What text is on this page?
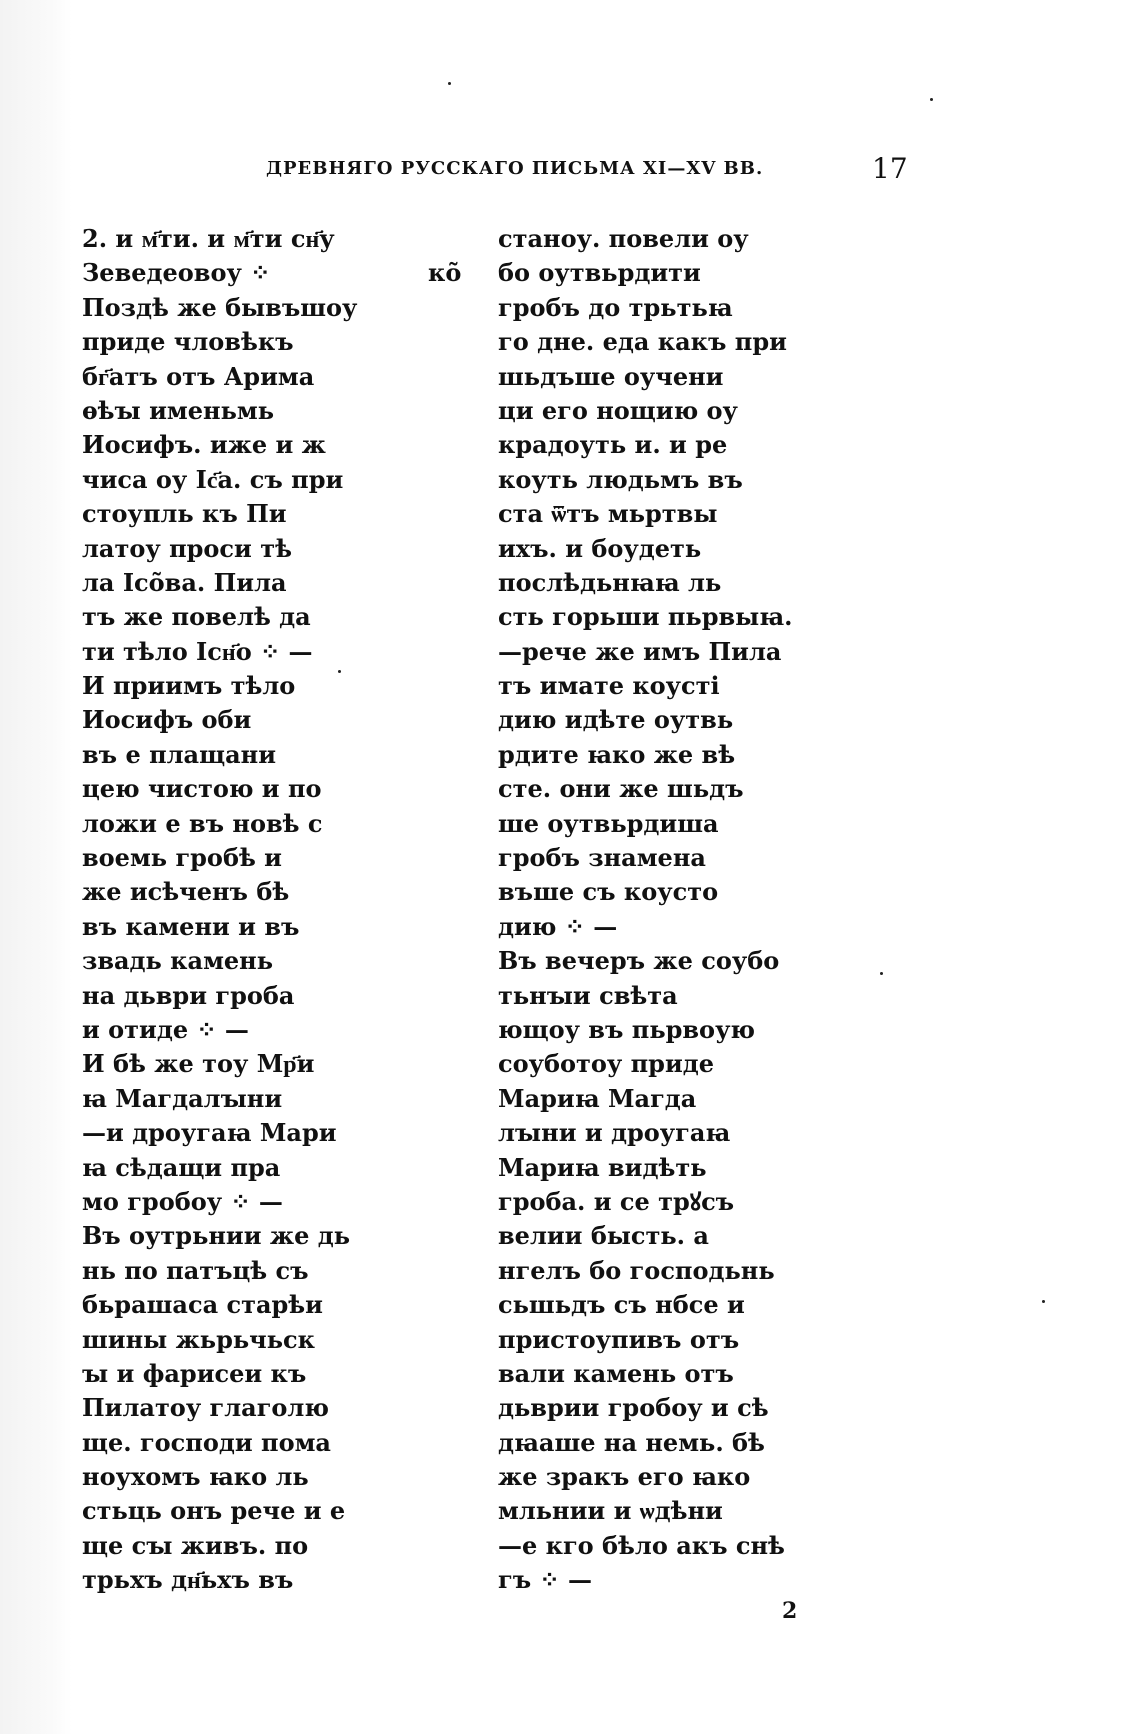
ДРЕВНЯГО РУССКАГО ПИСЬМА XI—XV ВВ.	17
2. и м҃ти. и м҃ти сн҃у
Зеведеовоу ⁘
Поздѣ же бывъшоу
приде чловѣкъ
бг҃атъ отъ Арима
ѳѣꙑ именьмь
Иосифъ. иже и ж
чиса оу Іс҃а. съ при
стоупль къ Пи
латоу проси тѣ
ла Ісо̃ва. Пила
тъ же повелѣ да
ти тѣло Існ҃о ⁘ —
И приимъ тѣло
Иосифъ оби
въ е плащани
цею чистою и по
ложи е въ новѣ с
воемь гробѣ и
же исѣченъ бѣ
въ камени и въ
звадь камень
на дьври гроба
и отиде ⁘ —
И бѣ же тоу Мр҃и
ꙗ Магдалꙑни
—и дроугаꙗ Мари
ꙗ сѣдащи пра
мо гробоу ⁘ —
Въ оутрьнии же дь
нь по патъцѣ съ
бьрашаса старѣи
шины жьрьчьск
ꙑ и фарисеи къ
Пилатоу глаголю
ще. господи пома
ноухомъ ꙗко ль
стьць онъ рече и е
ще сꙑ живъ. по
трьхъ дн҃ьхъ въ
станоу. повели оу
бо оутвьрдити
гробъ до трьтьꙗ
го дне. еда какъ при
шьдъше оучени
ци его нощию оу
крадоуть и. и ре
коуть людьмъ въ
ста ѿтъ мьртвы
ихъ. и боудеть
послѣдьнꙗꙗ ль
сть горьши пьрвыꙗ.
—рече же имъ Пила
тъ имате коусті
дию идѣте оутвь
рдите ꙗко же вѣ
сте. они же шьдъ
ше оутвьрдиша
гробъ знамена
въше съ коусто
дию ⁘ —
Въ вечеръ же соубо
тьнꙑи свѣта
ющоу въ пьрвоую
соуботоу приде
Мариꙗ Магда
лꙑни и дроугаꙗ
Мариꙗ видѣть
гроба. и се трꙋсъ
велии бысть. а
нгелъ бо господьнь
сьшьдъ съ нбсе и
пристоупивъ отъ
вали камень отъ
дьврии гробоу и сѣ
дꙗаше на немь. бѣ
же зракъ его ꙗко
мльнии и ѡдѣни
—е кго бѣло акъ снѣ
гъ ⁘ —
ко̃
2
